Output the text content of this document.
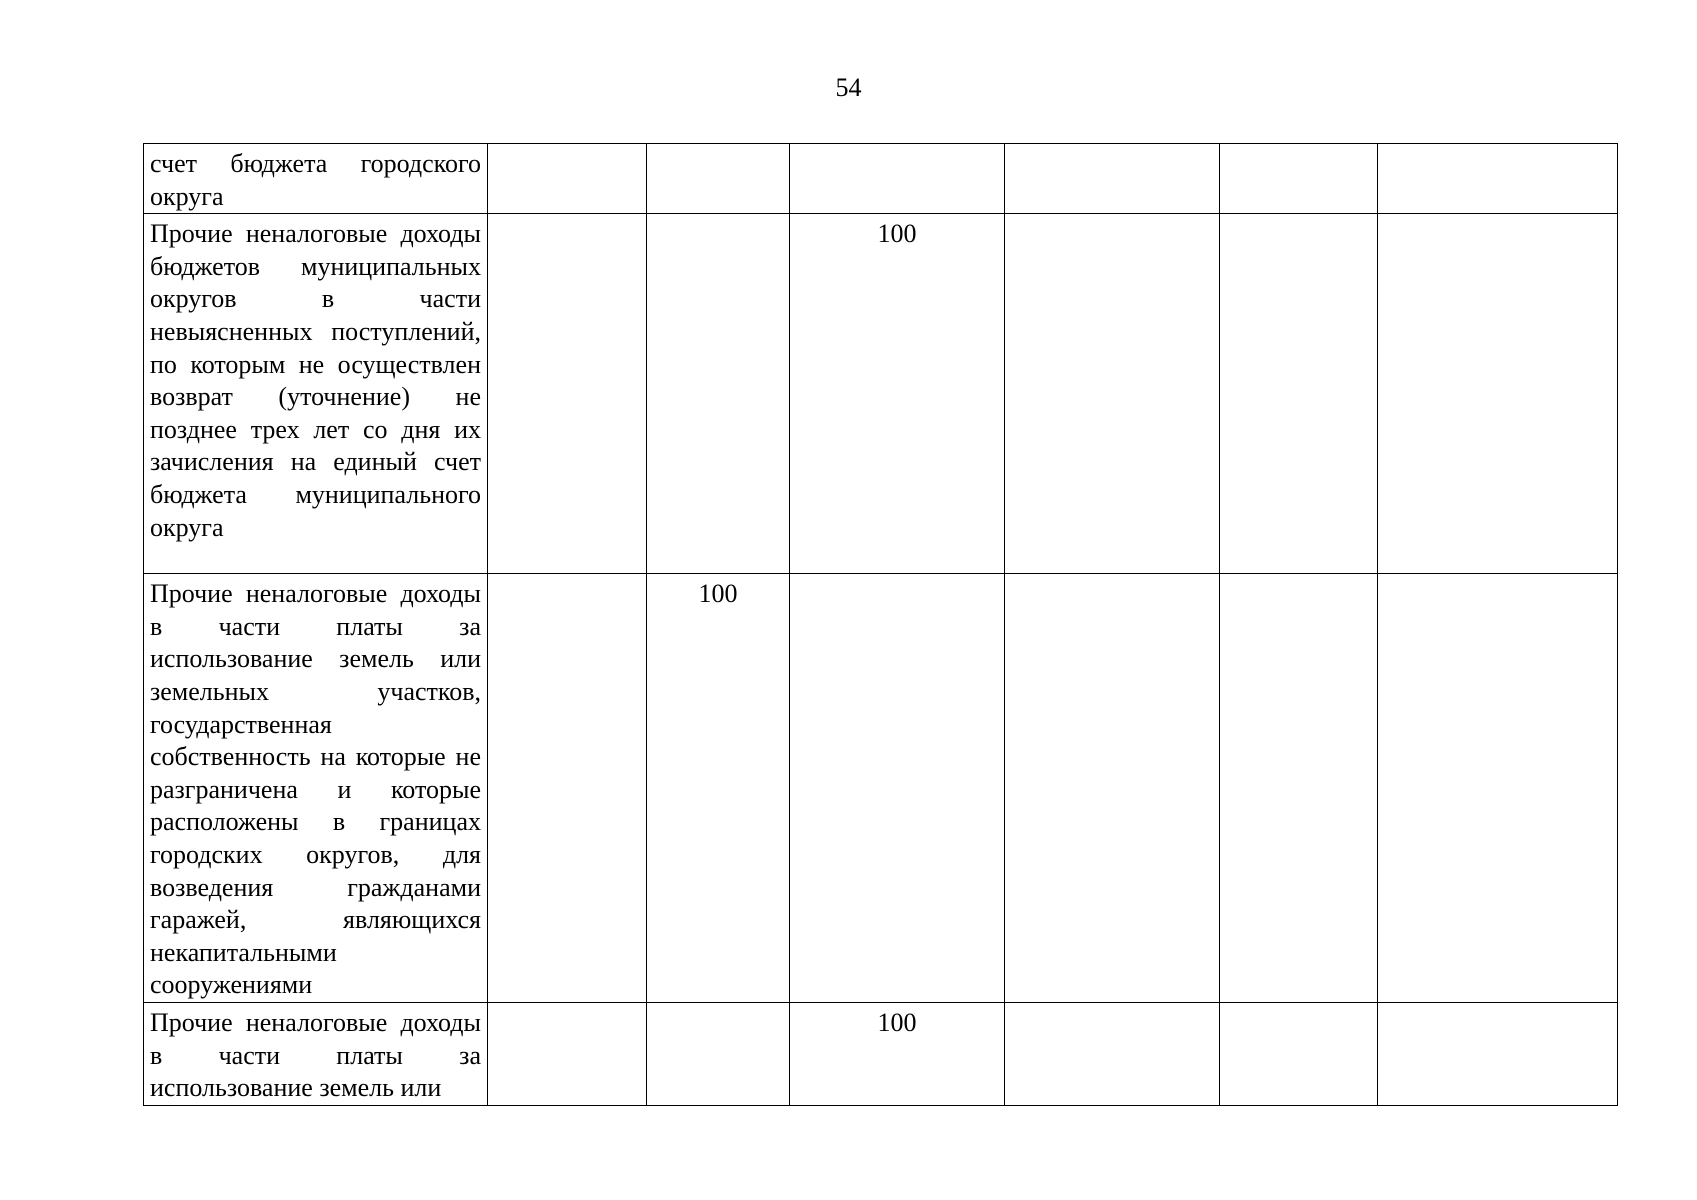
54

счет бюджета городского округа						

Прочие неналоговые доходы бюджетов муниципальных округов в части невыясненных поступлений, по которым не осуществлен возврат (уточнение) не позднее трех лет со дня их зачисления на единый счет бюджета муниципального округа			100			

Прочие неналоговые доходы в части платы за использование земель или земельных участков, государственная собственность на которые не разграничена и которые расположены в границах городских округов, для возведения гражданами гаражей, являющихся некапитальными сооружениями		100				

Прочие неналоговые доходы в части платы за использование земель или			100			
